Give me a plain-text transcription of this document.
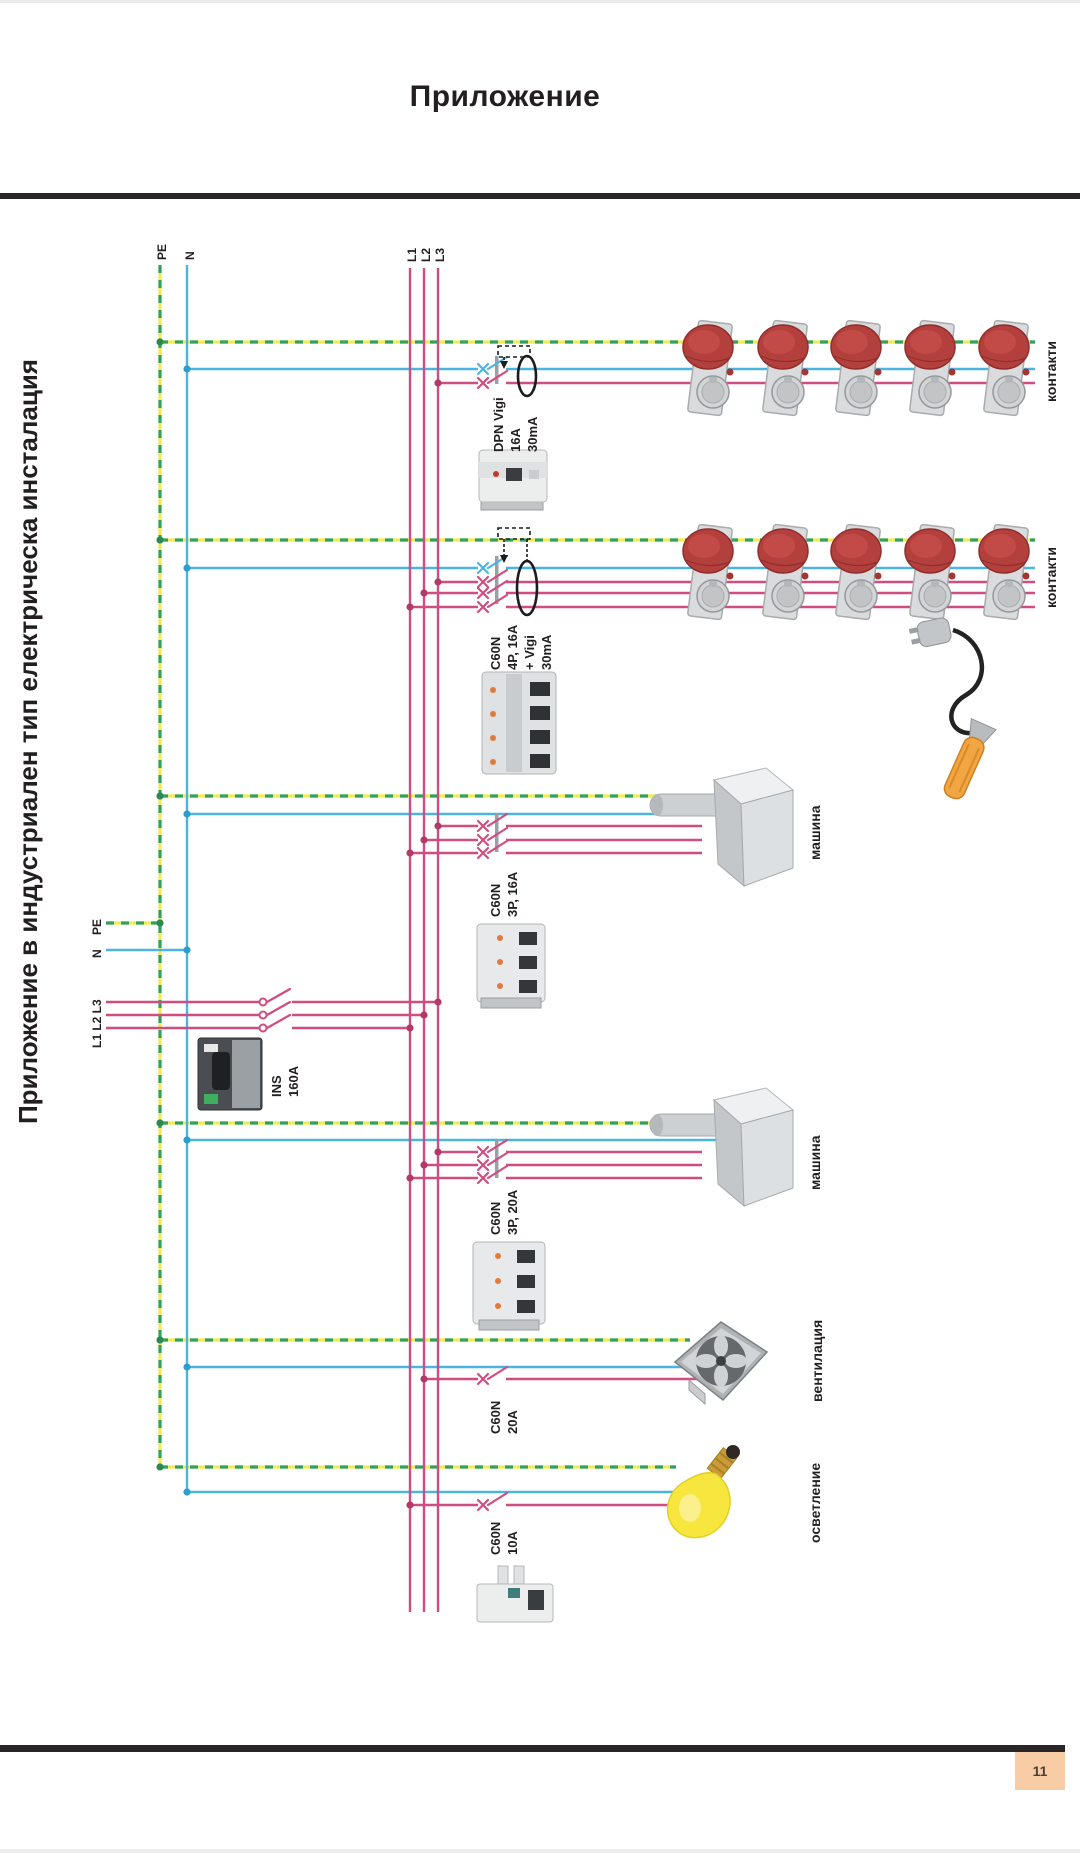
Приложение
Приложение в индустриален тип електрическа инсталация
PE N	L1 L2 L3
DPN Vigi 16A 30mA
контакти
C60N 4P, 16A + Vigi 30mA
контакти
C60N 3P, 16A
машина
PE
N
L1 L2 L3
INS 160A
C60N 3P, 20A
машина
C60N 20A
вентилация
C60N 10A
осветление
11
